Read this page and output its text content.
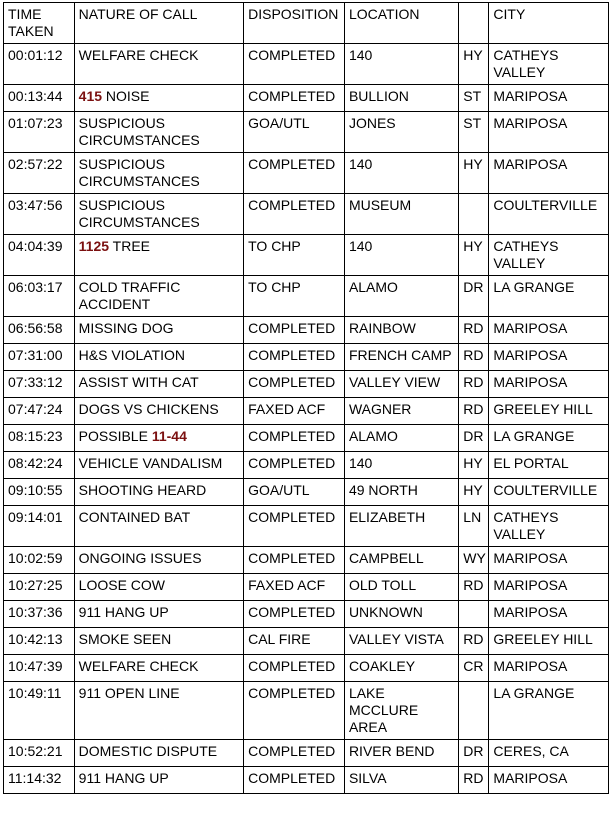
TIME TAKEN	NATURE OF CALL	DISPOSITION	LOCATION		CITY
00:01:12	WELFARE CHECK	COMPLETED	140	HY	CATHEYS VALLEY
00:13:44	415 NOISE	COMPLETED	BULLION	ST	MARIPOSA
01:07:23	SUSPICIOUS CIRCUMSTANCES	GOA/UTL	JONES	ST	MARIPOSA
02:57:22	SUSPICIOUS CIRCUMSTANCES	COMPLETED	140	HY	MARIPOSA
03:47:56	SUSPICIOUS CIRCUMSTANCES	COMPLETED	MUSEUM		COULTERVILLE
04:04:39	1125 TREE	TO CHP	140	HY	CATHEYS VALLEY
06:03:17	COLD TRAFFIC ACCIDENT	TO CHP	ALAMO	DR	LA GRANGE
06:56:58	MISSING DOG	COMPLETED	RAINBOW	RD	MARIPOSA
07:31:00	H&S VIOLATION	COMPLETED	FRENCH CAMP	RD	MARIPOSA
07:33:12	ASSIST WITH CAT	COMPLETED	VALLEY VIEW	RD	MARIPOSA
07:47:24	DOGS VS CHICKENS	FAXED ACF	WAGNER	RD	GREELEY HILL
08:15:23	POSSIBLE 11-44	COMPLETED	ALAMO	DR	LA GRANGE
08:42:24	VEHICLE VANDALISM	COMPLETED	140	HY	EL PORTAL
09:10:55	SHOOTING HEARD	GOA/UTL	49 NORTH	HY	COULTERVILLE
09:14:01	CONTAINED BAT	COMPLETED	ELIZABETH	LN	CATHEYS VALLEY
10:02:59	ONGOING ISSUES	COMPLETED	CAMPBELL	WY	MARIPOSA
10:27:25	LOOSE COW	FAXED ACF	OLD TOLL	RD	MARIPOSA
10:37:36	911 HANG UP	COMPLETED	UNKNOWN		MARIPOSA
10:42:13	SMOKE SEEN	CAL FIRE	VALLEY VISTA	RD	GREELEY HILL
10:47:39	WELFARE CHECK	COMPLETED	COAKLEY	CR	MARIPOSA
10:49:11	911 OPEN LINE	COMPLETED	LAKE MCCLURE AREA		LA GRANGE
10:52:21	DOMESTIC DISPUTE	COMPLETED	RIVER BEND	DR	CERES, CA
11:14:32	911 HANG UP	COMPLETED	SILVA	RD	MARIPOSA
